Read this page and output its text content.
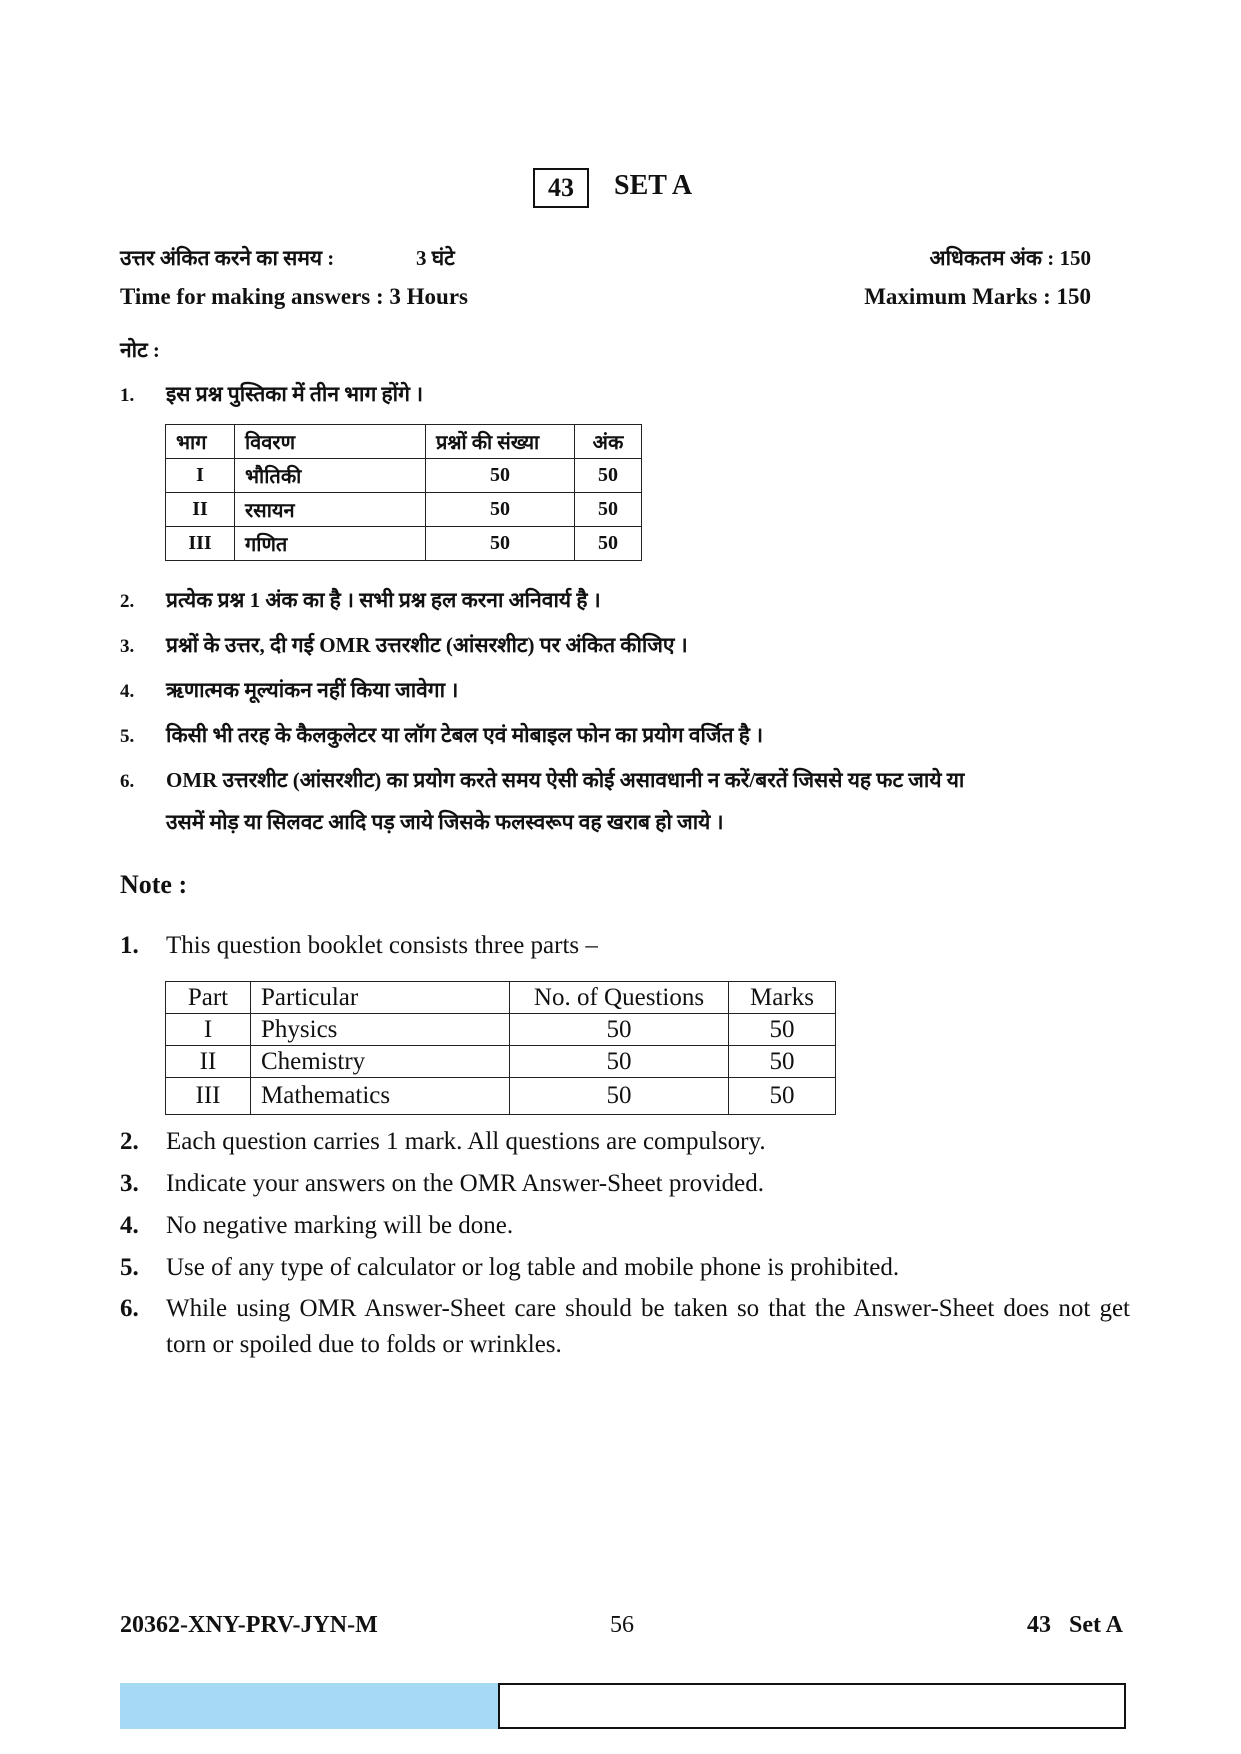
43 SET A
उत्तर अंकित करने का समय :	3 घंटे	अधिकतम अंक : 150
Time for making answers : 3 Hours	Maximum Marks : 150
नोट :
1. इस प्रश्न पुस्तिका में तीन भाग होंगे ।
भाग	विवरण	प्रश्नों की संख्या	अंक
I	भौतिकी	50	50
II	रसायन	50	50
III	गणित	50	50
2. प्रत्येक प्रश्न 1 अंक का है । सभी प्रश्न हल करना अनिवार्य है ।
3. प्रश्नों के उत्तर, दी गई OMR उत्तरशीट (आंसरशीट) पर अंकित कीजिए ।
4. ऋणात्मक मूल्यांकन नहीं किया जावेगा ।
5. किसी भी तरह के कैलकुलेटर या लॉग टेबल एवं मोबाइल फोन का प्रयोग वर्जित है ।
6. OMR उत्तरशीट (आंसरशीट) का प्रयोग करते समय ऐसी कोई असावधानी न करें/बरतें जिससे यह फट जाये या
उसमें मोड़ या सिलवट आदि पड़ जाये जिसके फलस्वरूप वह खराब हो जाये ।
Note :
1. This question booklet consists three parts –
Part	Particular	No. of Questions	Marks
I	Physics	50	50
II	Chemistry	50	50
III	Mathematics	50	50
2. Each question carries 1 mark. All questions are compulsory.
3. Indicate your answers on the OMR Answer-Sheet provided.
4. No negative marking will be done.
5. Use of any type of calculator or log table and mobile phone is prohibited.
6.	While using OMR Answer-Sheet care should be taken so that the Answer-Sheet does not get torn or spoiled due to folds or wrinkles.
20362-XNY-PRV-JYN-M	56	43   Set A
